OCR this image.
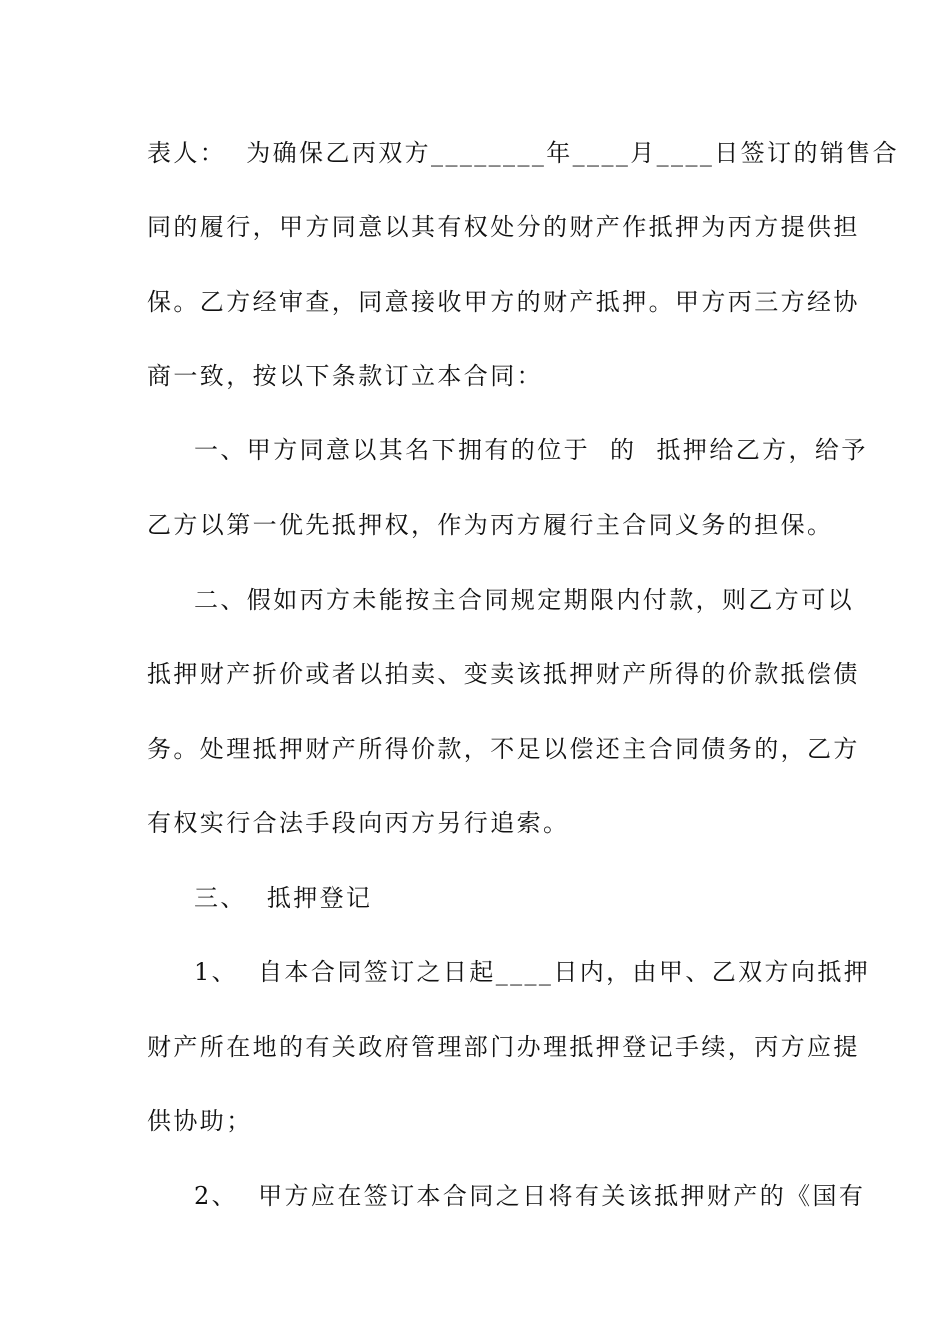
表人：  为确保乙丙双方________年____月____日签订的销售合
同的履行，甲方同意以其有权处分的财产作抵押为丙方提供担
保。乙方经审查，同意接收甲方的财产抵押。甲方丙三方经协
商一致，按以下条款订立本合同：
一、甲方同意以其名下拥有的位于  的  抵押给乙方，给予
乙方以第一优先抵押权，作为丙方履行主合同义务的担保。
二、假如丙方未能按主合同规定期限内付款，则乙方可以
抵押财产折价或者以拍卖、变卖该抵押财产所得的价款抵偿债
务。处理抵押财产所得价款，不足以偿还主合同债务的，乙方
有权实行合法手段向丙方另行追索。
三、  抵押登记
1、  自本合同签订之日起____日内，由甲、乙双方向抵押
财产所在地的有关政府管理部门办理抵押登记手续，丙方应提
供协助；
2、  甲方应在签订本合同之日将有关该抵押财产的《国有
